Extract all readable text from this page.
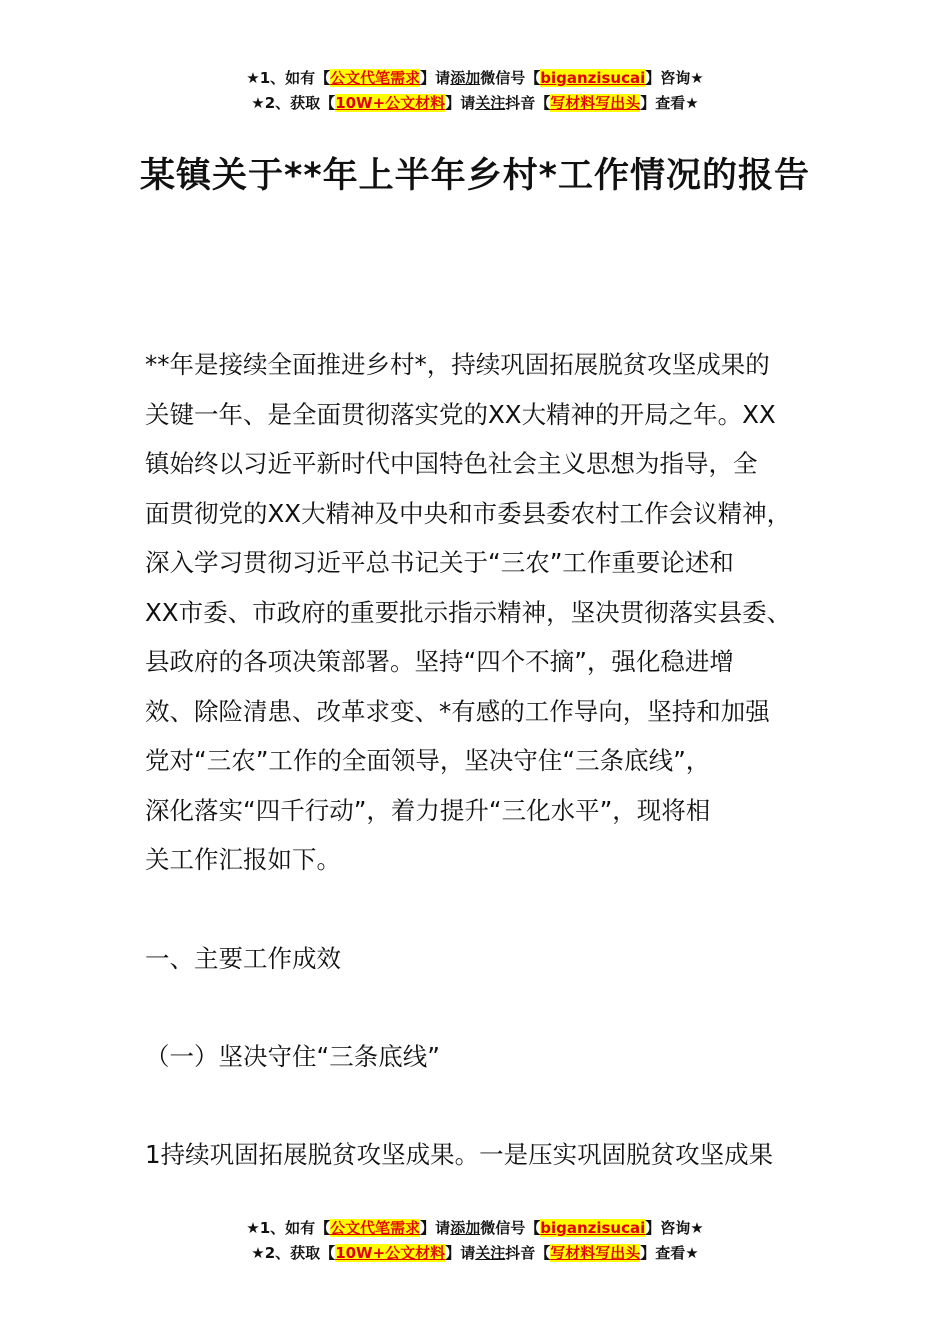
★1、如有【公文代笔需求】请添加微信号【biganzisucai】咨询★
★2、获取【10W+公文材料】请关注抖音【写材料写出头】查看★
某镇关于**年上半年乡村*工作情况的报告
**年是接续全面推进乡村*，持续巩固拓展脱贫攻坚成果的
关键一年、是全面贯彻落实党的XX大精神的开局之年。XX
镇始终以习近平新时代中国特色社会主义思想为指导，全
面贯彻党的XX大精神及中央和市委县委农村工作会议精神，
深入学习贯彻习近平总书记关于“三农”工作重要论述和
XX市委、市政府的重要批示指示精神，坚决贯彻落实县委、
县政府的各项决策部署。坚持“四个不摘”，强化稳进增
效、除险清患、改革求变、*有感的工作导向，坚持和加强
党对“三农”工作的全面领导，坚决守住“三条底线”，
深化落实“四千行动”，着力提升“三化水平”，现将相
关工作汇报如下。
一、主要工作成效
（一）坚决守住“三条底线”
1持续巩固拓展脱贫攻坚成果。一是压实巩固脱贫攻坚成果
★1、如有【公文代笔需求】请添加微信号【biganzisucai】咨询★
★2、获取【10W+公文材料】请关注抖音【写材料写出头】查看★
